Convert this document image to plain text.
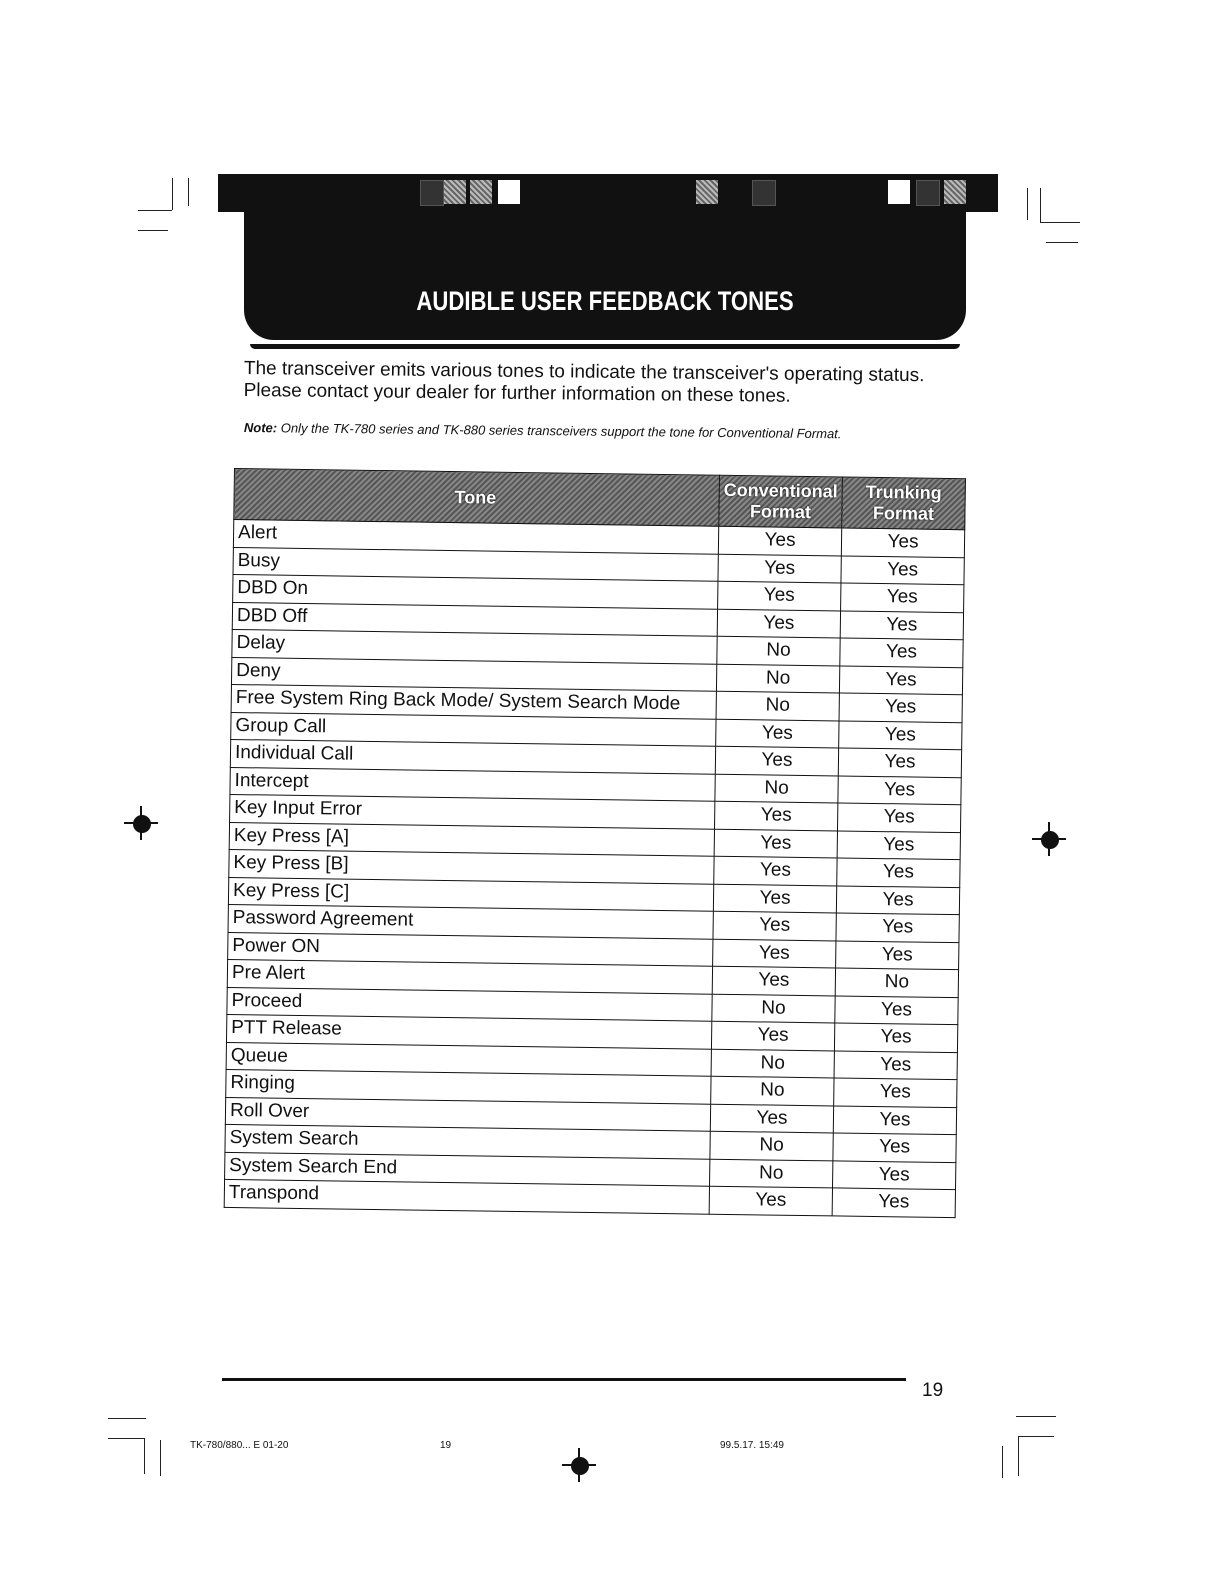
AUDIBLE USER FEEDBACK TONES
The transceiver emits various tones to indicate the transceiver's operating status.
Please contact your dealer for further information on these tones.
Note: Only the TK-780 series and TK-880 series transceivers support the tone for Conventional Format.
Tone	Conventional Format	Trunking Format
Alert	Yes	Yes
Busy	Yes	Yes
DBD On	Yes	Yes
DBD Off	Yes	Yes
Delay	No	Yes
Deny	No	Yes
Free System Ring Back Mode/ System Search Mode	No	Yes
Group Call	Yes	Yes
Individual Call	Yes	Yes
Intercept	No	Yes
Key Input Error	Yes	Yes
Key Press [A]	Yes	Yes
Key Press [B]	Yes	Yes
Key Press [C]	Yes	Yes
Password Agreement	Yes	Yes
Power ON	Yes	Yes
Pre Alert	Yes	No
Proceed	No	Yes
PTT Release	Yes	Yes
Queue	No	Yes
Ringing	No	Yes
Roll Over	Yes	Yes
System Search	No	Yes
System Search End	No	Yes
Transpond	Yes	Yes
19
TK-780/880... E 01-20	19	99.5.17. 15:49
